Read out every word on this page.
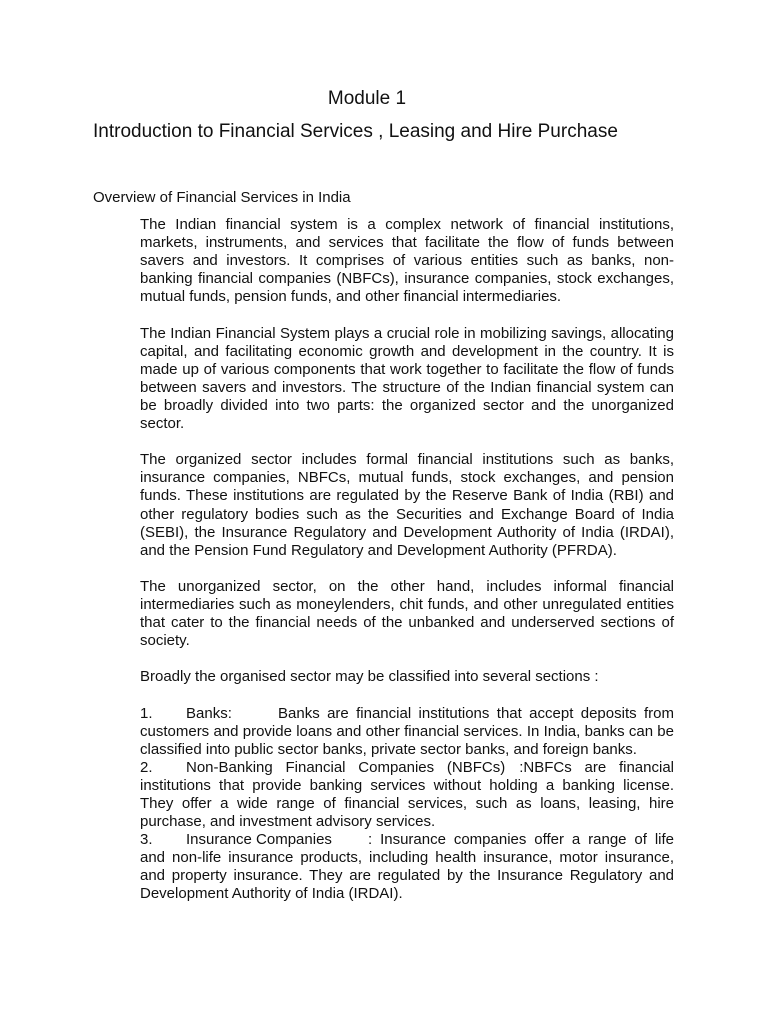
Module 1
Introduction to Financial Services , Leasing and Hire Purchase
Overview of Financial Services in India

The Indian financial system is a complex network of financial institutions, markets, instruments, and services that facilitate the flow of funds between savers and investors. It comprises of various entities such as banks, non-banking financial companies (NBFCs), insurance companies, stock exchanges, mutual funds, pension funds, and other financial intermediaries.

The Indian Financial System plays a crucial role in mobilizing savings, allocating capital, and facilitating economic growth and development in the country. It is made up of various components that work together to facilitate the flow of funds between savers and investors. The structure of the Indian financial system can be broadly divided into two parts: the organized sector and the unorganized sector.

The organized sector includes formal financial institutions such as banks, insurance companies, NBFCs, mutual funds, stock exchanges, and pension funds. These institutions are regulated by the Reserve Bank of India (RBI) and other regulatory bodies such as the Securities and Exchange Board of India (SEBI), the Insurance Regulatory and Development Authority of India (IRDAI), and the Pension Fund Regulatory and Development Authority (PFRDA).

The unorganized sector, on the other hand, includes informal financial intermediaries such as moneylenders, chit funds, and other unregulated entities that cater to the financial needs of the unbanked and underserved sections of society.

Broadly the organised sector may be classified into several sections :

1. Banks:	Banks are financial institutions that accept deposits from customers and provide loans and other financial services. In India, banks can be classified into public sector banks, private sector banks, and foreign banks.
2. Non-Banking Financial Companies (NBFCs) :NBFCs are financial institutions that provide banking services without holding a banking license. They offer a wide range of financial services, such as loans, leasing, hire purchase, and investment advisory services.
3. Insurance Companies : Insurance companies offer a range of life and non-life insurance products, including health insurance, motor insurance, and property insurance. They are regulated by the Insurance Regulatory and Development Authority of India (IRDAI).
